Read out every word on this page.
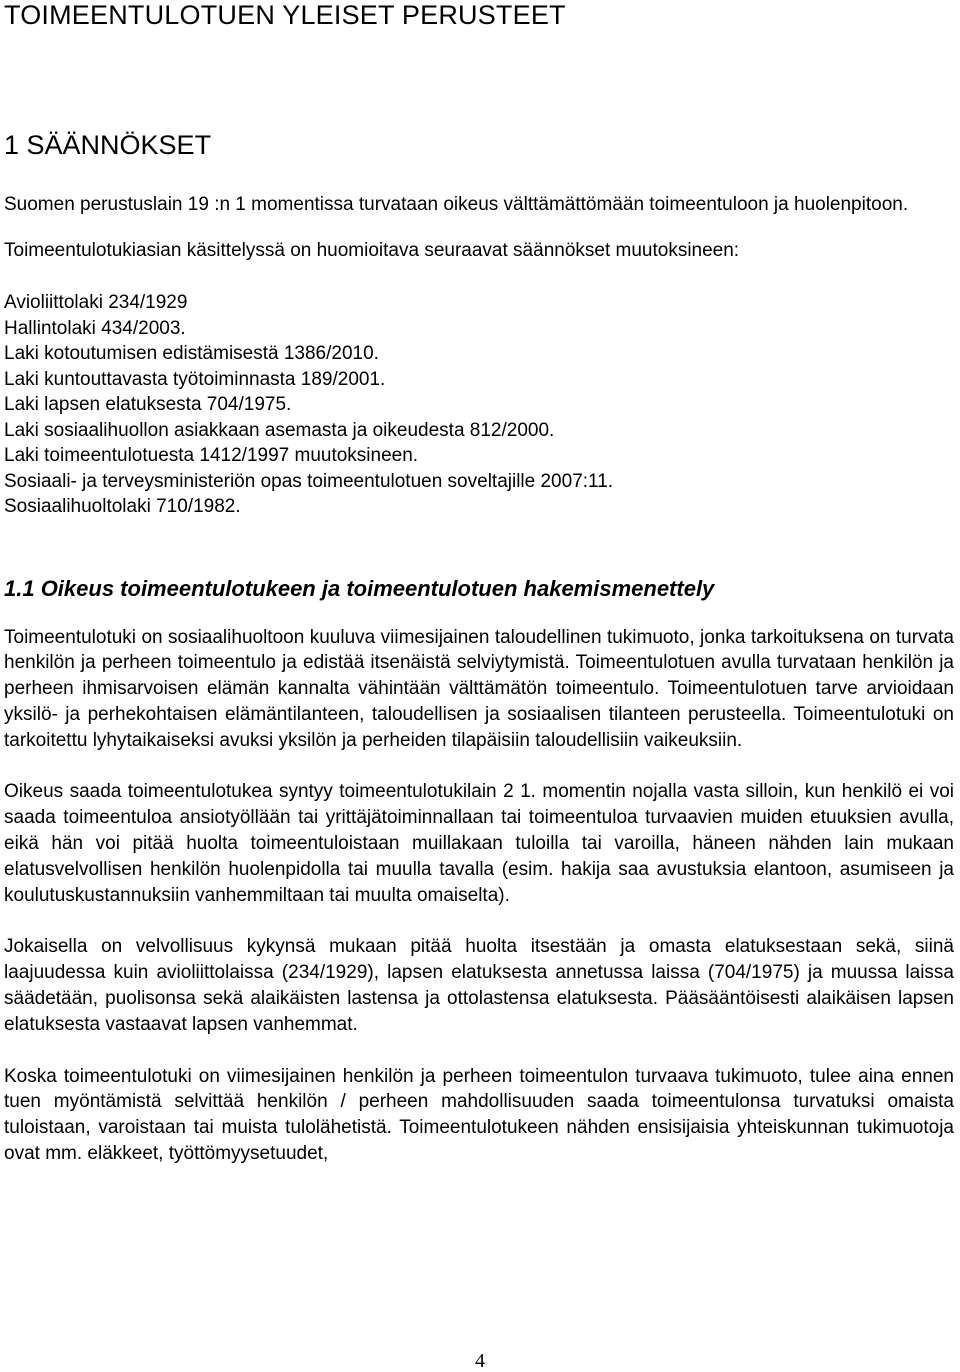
TOIMEENTULOTUEN YLEISET PERUSTEET
1 SÄÄNNÖKSET

Suomen perustuslain 19 :n 1 momentissa turvataan oikeus välttämättömään toimeentuloon ja huolenpitoon.

Toimeentulotukiasian käsittelyssä on huomioitava seuraavat säännökset muutoksineen:

Avioliittolaki 234/1929
Hallintolaki 434/2003.
Laki kotoutumisen edistämisestä 1386/2010.
Laki kuntouttavasta työtoiminnasta 189/2001.
Laki lapsen elatuksesta 704/1975.
Laki sosiaalihuollon asiakkaan asemasta ja oikeudesta 812/2000.
Laki toimeentulotuesta 1412/1997 muutoksineen.
Sosiaali- ja terveysministeriön opas toimeentulotuen soveltajille 2007:11.
Sosiaalihuoltolaki 710/1982.
1.1 Oikeus toimeentulotukeen ja toimeentulotuen hakemismenettely

Toimeentulotuki on sosiaalihuoltoon kuuluva viimesijainen taloudellinen tukimuoto, jonka tarkoituksena on turvata henkilön ja perheen toimeentulo ja edistää itsenäistä selviytymistä. Toimeentulotuen avulla turvataan henkilön ja perheen ihmisarvoisen elämän kannalta vähintään välttämätön toimeentulo. Toimeentulotuen tarve arvioidaan yksilö- ja perhekohtaisen elämäntilanteen, taloudellisen ja sosiaalisen tilanteen perusteella. Toimeentulotuki on tarkoitettu lyhytaikaiseksi avuksi yksilön ja perheiden tilapäisiin taloudellisiin vaikeuksiin.

Oikeus saada toimeentulotukea syntyy toimeentulotukilain 2 1. momentin nojalla vasta silloin, kun henkilö ei voi saada toimeentuloa ansiotyöllään tai yrittäjätoiminnallaan tai toimeentuloa turvaavien muiden etuuksien avulla, eikä hän voi pitää huolta toimeentuloistaan muillakaan tuloilla tai varoilla, häneen nähden lain mukaan elatusvelvollisen henkilön huolenpidolla tai muulla tavalla (esim. hakija saa avustuksia elantoon, asumiseen ja koulutuskustannuksiin vanhemmiltaan tai muulta omaiselta).

Jokaisella on velvollisuus kykynsä mukaan pitää huolta itsestään ja omasta elatuksestaan sekä, siinä laajuudessa kuin avioliittolaissa (234/1929), lapsen elatuksesta annetussa laissa (704/1975) ja muussa laissa säädetään, puolisonsa sekä alaikäisten lastensa ja ottolastensa elatuksesta. Pääsääntöisesti alaikäisen lapsen elatuksesta vastaavat lapsen vanhemmat.

Koska toimeentulotuki on viimesijainen henkilön ja perheen toimeentulon turvaava tukimuoto, tulee aina ennen tuen myöntämistä selvittää henkilön / perheen mahdollisuuden saada toimeentulonsa turvatuksi omaista tuloistaan, varoistaan tai muista tulolähetistä. Toimeentulotukeen nähden ensisijaisia yhteiskunnan tukimuotoja ovat mm. eläkkeet, työttömyysetuudet,

4
